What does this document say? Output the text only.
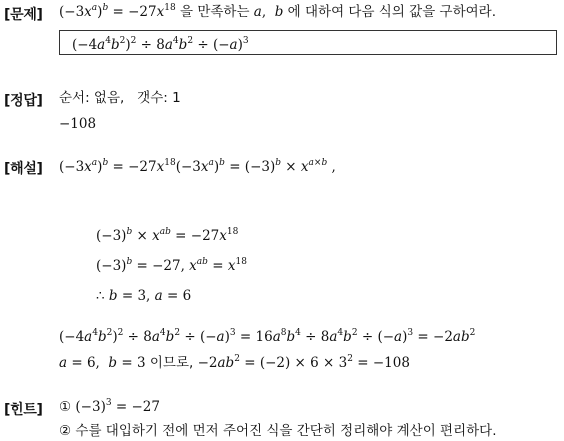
[문제] $(-3x^a)^b = -27x^{18}$ 을 만족하는 a,  b 에 대하여 다음 식의 값을 구하여라.
$(-4a^4b^2)^2 \div 8a^4b^2 \div (-a)^3$
[정답] 순서: 없음, 갯수: 1
−108
[해설] $(-3x^a)^b = -27x^{18}(-3x^a)^b = (-3)^b \times x^{a\times b}$ ,
$(-3)^b \times x^{ab} = -27x^{18}$
$(-3)^b = -27$, $x^{ab} = x^{18}$
∴ b = 3, a = 6
$(-4a^4b^2)^2 \div 8a^4b^2 \div (-a)^3 = 16a^8b^4 \div 8a^4b^2 \div (-a)^3 = -2ab^2$
a = 6,  b = 3 이므로, $-2ab^2 = (-2) \times 6 \times 3^2 = -108$
[힌트] ① $(-3)^3 = -27$
② 수를 대입하기 전에 먼저 주어진 식을 간단히 정리해야 계산이 편리하다.
